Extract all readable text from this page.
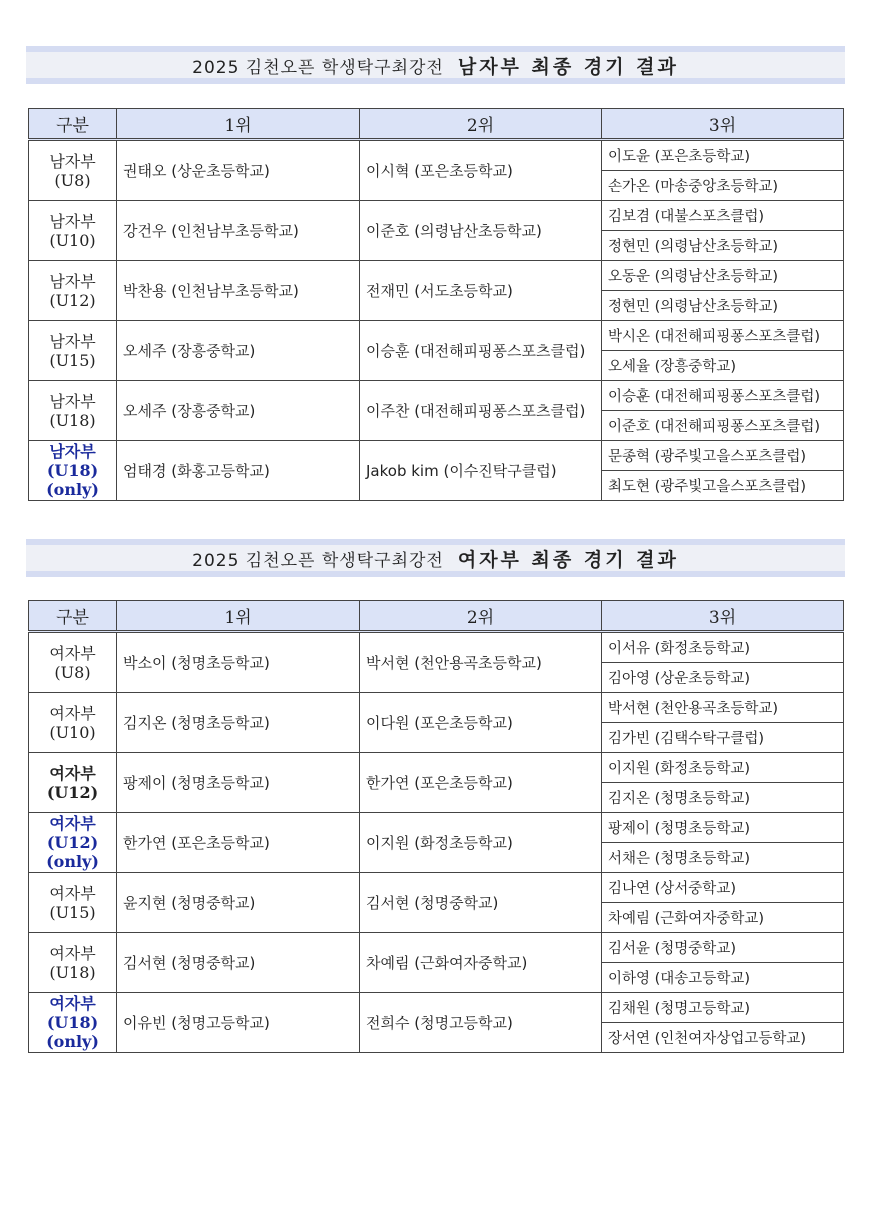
2025 김천오픈 학생탁구최강전 남자부 최종 경기 결과
구분	1위	2위	3위

남자부
(U8)	권태오 (상운초등학교)	이시혁 (포은초등학교)	이도윤 (포은초등학교)
			손가온 (마송중앙초등학교)

남자부
(U10)	강건우 (인천남부초등학교)	이준호 (의령남산초등학교)	김보겸 (대불스포츠클럽)
			정현민 (의령남산초등학교)

남자부
(U12)	박찬용 (인천남부초등학교)	전재민 (서도초등학교)	오동운 (의령남산초등학교)
			정현민 (의령남산초등학교)

남자부
(U15)	오세주 (장흥중학교)	이승훈 (대전해피핑퐁스포츠클럽)	박시온 (대전해피핑퐁스포츠클럽)
			오세율 (장흥중학교)

남자부
(U18)	오세주 (장흥중학교)	이주찬 (대전해피핑퐁스포츠클럽)	이승훈 (대전해피핑퐁스포츠클럽)
			이준호 (대전해피핑퐁스포츠클럽)

남자부
(U18)
(only)	엄태경 (화홍고등학교)	Jakob kim (이수진탁구클럽)	문종혁 (광주빛고을스포츠클럽)
			최도현 (광주빛고을스포츠클럽)
2025 김천오픈 학생탁구최강전 여자부 최종 경기 결과
구분	1위	2위	3위

여자부
(U8)	박소이 (청명초등학교)	박서현 (천안용곡초등학교)	이서유 (화정초등학교)
			김아영 (상운초등학교)

여자부
(U10)	김지온 (청명초등학교)	이다원 (포은초등학교)	박서현 (천안용곡초등학교)
			김가빈 (김택수탁구클럽)

여자부
(U12)	팡제이 (청명초등학교)	한가연 (포은초등학교)	이지원 (화정초등학교)
			김지온 (청명초등학교)

여자부
(U12)
(only)	한가연 (포은초등학교)	이지원 (화정초등학교)	팡제이 (청명초등학교)
			서채은 (청명초등학교)

여자부
(U15)	윤지현 (청명중학교)	김서현 (청명중학교)	김나연 (상서중학교)
			차예림 (근화여자중학교)

여자부
(U18)	김서현 (청명중학교)	차예림 (근화여자중학교)	김서윤 (청명중학교)
			이하영 (대송고등학교)

여자부
(U18)
(only)	이유빈 (청명고등학교)	전희수 (청명고등학교)	김채원 (청명고등학교)
			장서연 (인천여자상업고등학교)
